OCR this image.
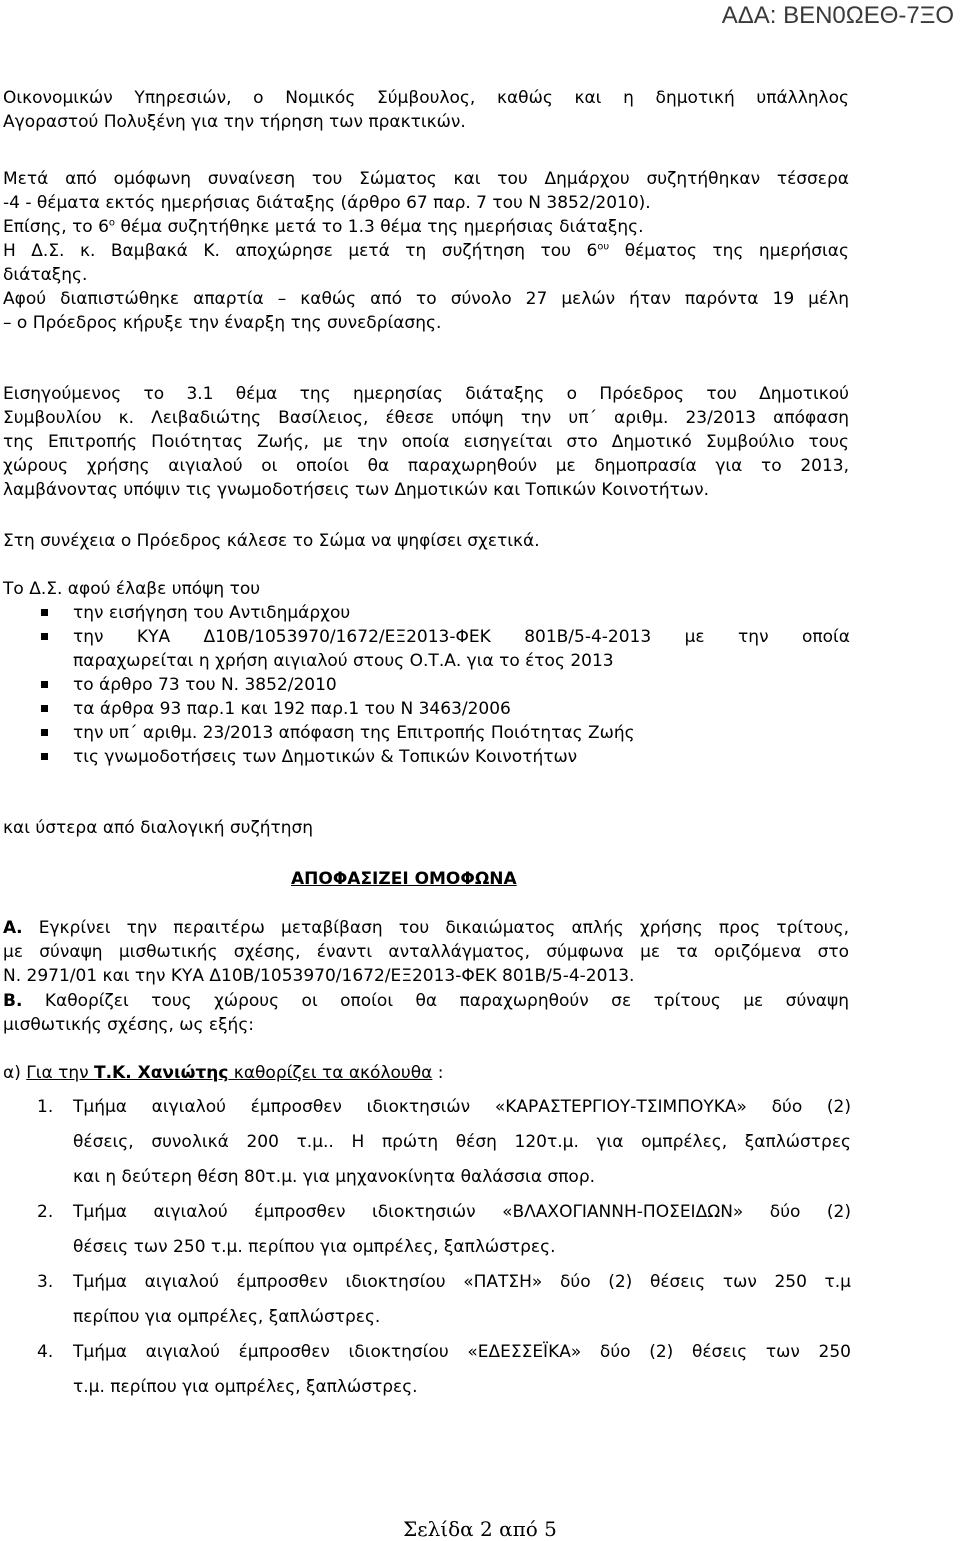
ΑΔΑ: ΒΕΝ0ΩΕΘ-7ΞΟ
Οικονομικών Υπηρεσιών, ο Νομικός Σύμβουλος, καθώς και η δημοτική υπάλληλος
Αγοραστού Πολυξένη για την τήρηση των πρακτικών.
Μετά από ομόφωνη συναίνεση του Σώματος και του Δημάρχου συζητήθηκαν τέσσερα
-4 - θέματα εκτός ημερήσιας διάταξης (άρθρο 67 παρ. 7 του Ν 3852/2010).
Επίσης, το $6^o$ θέμα συζητήθηκε μετά το 1.3 θέμα της ημερήσιας διάταξης.
Η Δ.Σ. κ. Βαμβακά Κ. αποχώρησε μετά τη συζήτηση του $6^{o\upsilon}$ θέματος της ημερήσιας
διάταξης.
Αφού διαπιστώθηκε απαρτία – καθώς από το σύνολο 27 μελών ήταν παρόντα 19 μέλη
– ο Πρόεδρος κήρυξε την έναρξη της συνεδρίασης.
Εισηγούμενος το 3.1 θέμα της ημερησίας διάταξης ο Πρόεδρος του Δημοτικού
Συμβουλίου κ. Λειβαδιώτης Βασίλειος, έθεσε υπόψη την υπ΄ αριθμ. 23/2013 απόφαση
της Επιτροπής Ποιότητας Ζωής, με την οποία εισηγείται στο Δημοτικό Συμβούλιο τους
χώρους χρήσης αιγιαλού οι οποίοι θα παραχωρηθούν με δημοπρασία για το 2013,
λαμβάνοντας υπόψιν τις γνωμοδοτήσεις των Δημοτικών και Τοπικών Κοινοτήτων.
Στη συνέχεια ο Πρόεδρος κάλεσε το Σώμα να ψηφίσει σχετικά.
Το Δ.Σ. αφού έλαβε υπόψη του
την εισήγηση του Αντιδημάρχου
την ΚΥΑ Δ10Β/1053970/1672/ΕΞ2013-ΦΕΚ 801Β/5-4-2013 με την οποία
παραχωρείται η χρήση αιγιαλού στους Ο.Τ.Α. για το έτος 2013
το άρθρο 73 του Ν. 3852/2010
τα άρθρα 93 παρ.1 και 192 παρ.1 του Ν 3463/2006
την υπ΄ αριθμ. 23/2013 απόφαση της Επιτροπής Ποιότητας Ζωής
τις γνωμοδοτήσεις των Δημοτικών & Τοπικών Κοινοτήτων
και ύστερα από διαλογική συζήτηση
ΑΠΟΦΑΣΙΖΕΙ ΟΜΟΦΩΝΑ
Α. Εγκρίνει την περαιτέρω μεταβίβαση του δικαιώματος απλής χρήσης προς τρίτους,
με σύναψη μισθωτικής σχέσης, έναντι ανταλλάγματος, σύμφωνα με τα οριζόμενα στο
Ν. 2971/01 και την ΚΥΑ Δ10Β/1053970/1672/ΕΞ2013-ΦΕΚ 801Β/5-4-2013.
Β. Καθορίζει τους χώρους οι οποίοι θα παραχωρηθούν σε τρίτους με σύναψη
μισθωτικής σχέσης, ως εξής:
α) Για την Τ.Κ. Χανιώτης καθορίζει τα ακόλουθα :
1. Τμήμα αιγιαλού έμπροσθεν ιδιοκτησιών «ΚΑΡΑΣΤΕΡΓΙΟΥ-ΤΣΙΜΠΟΥΚΑ» δύο (2)
θέσεις, συνολικά 200 τ.μ.. Η πρώτη θέση 120τ.μ. για ομπρέλες, ξαπλώστρες
και η δεύτερη θέση 80τ.μ. για μηχανοκίνητα θαλάσσια σπορ.
2. Τμήμα αιγιαλού έμπροσθεν ιδιοκτησιών «ΒΛΑΧΟΓΙΑΝΝΗ-ΠΟΣΕΙΔΩΝ» δύο (2)
θέσεις των 250 τ.μ. περίπου για ομπρέλες, ξαπλώστρες.
3. Τμήμα αιγιαλού έμπροσθεν ιδιοκτησίου «ΠΑΤΣΗ» δύο (2) θέσεις των 250 τ.μ
περίπου για ομπρέλες, ξαπλώστρες.
4. Τμήμα αιγιαλού έμπροσθεν ιδιοκτησίου «ΕΔΕΣΣΕΪΚΑ» δύο (2) θέσεις των 250
τ.μ. περίπου για ομπρέλες, ξαπλώστρες.
Σελίδα 2 από 5
